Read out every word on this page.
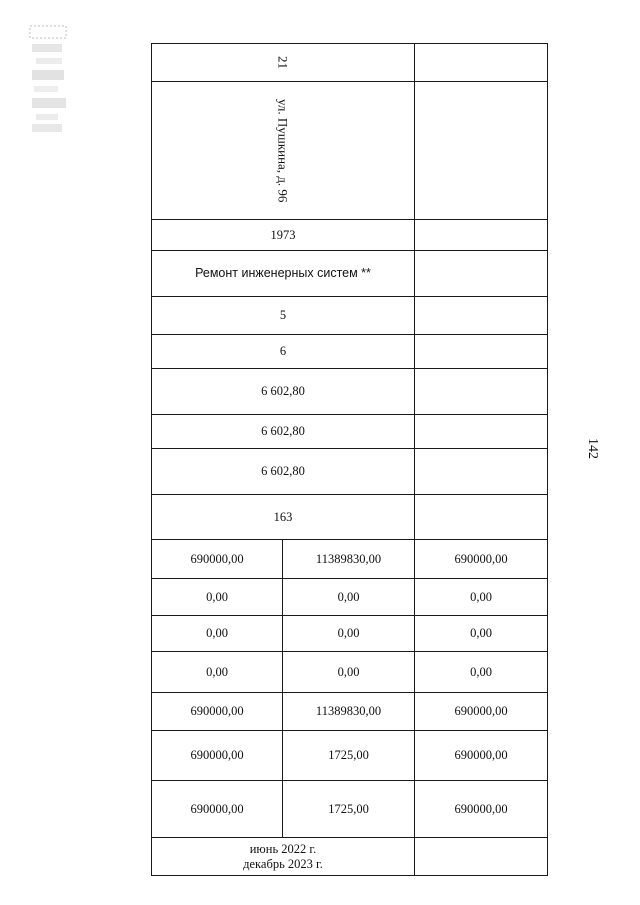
21		

ул. Пушкина, д. 96		

1973		
Ремонт инженерных систем **		
5		
6		
6 602,80		
6 602,80		
6 602,80		
163		
690000,00	11389830,00	690000,00
0,00	0,00	0,00
0,00	0,00	0,00
0,00	0,00	0,00
690000,00	11389830,00	690000,00
690000,00	1725,00	690000,00
690000,00	1725,00	690000,00

июнь 2022 г.
декабрь 2023 г.		

142
